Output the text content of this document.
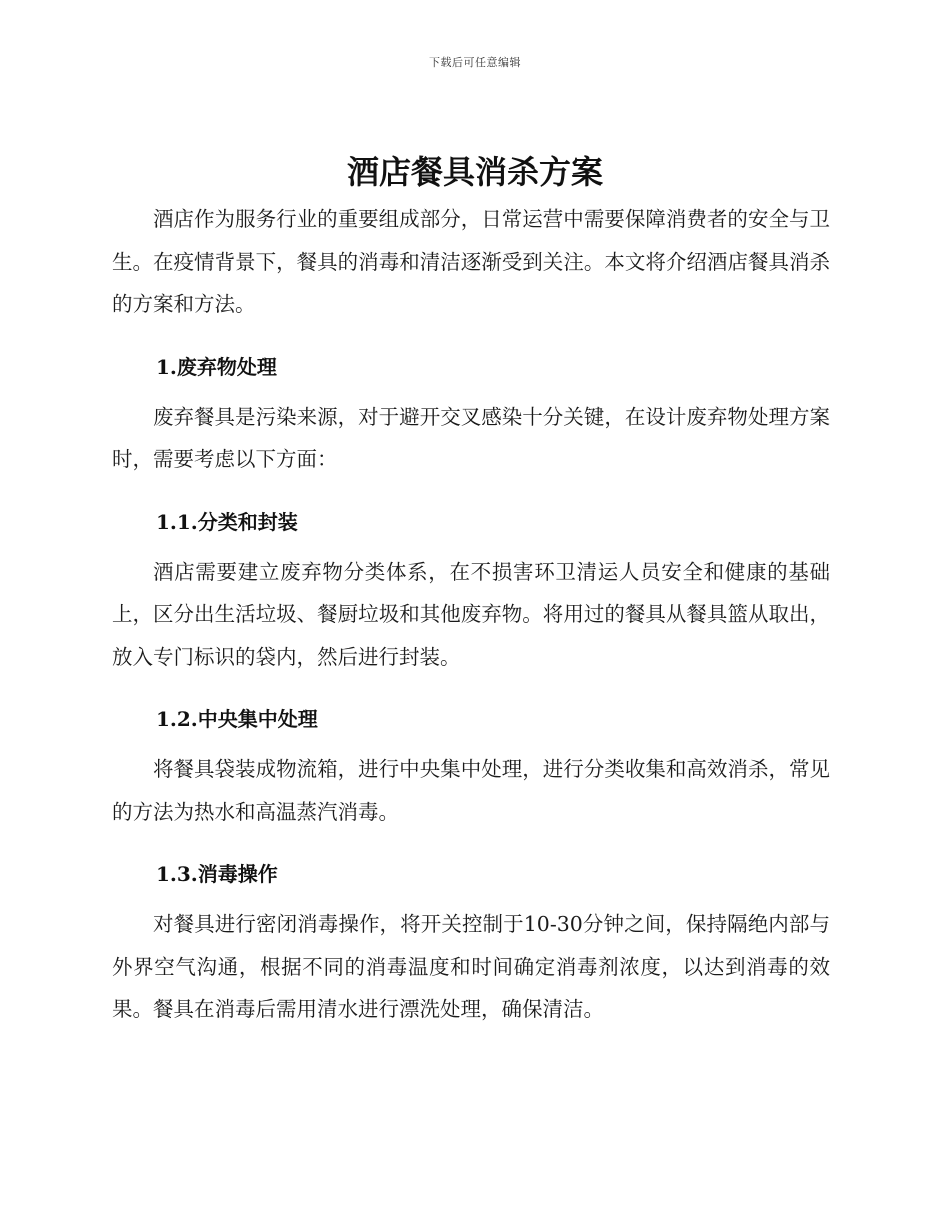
下载后可任意编辑
酒店餐具消杀方案

酒店作为服务行业的重要组成部分，日常运营中需要保障消费者的安全与卫生。在疫情背景下，餐具的消毒和清洁逐渐受到关注。本文将介绍酒店餐具消杀的方案和方法。

1.废弃物处理

废弃餐具是污染来源，对于避开交叉感染十分关键，在设计废弃物处理方案时，需要考虑以下方面：

1.1.分类和封装

酒店需要建立废弃物分类体系，在不损害环卫清运人员安全和健康的基础上，区分出生活垃圾、餐厨垃圾和其他废弃物。将用过的餐具从餐具篮从取出，放入专门标识的袋内，然后进行封装。

1.2.中央集中处理

将餐具袋装成物流箱，进行中央集中处理，进行分类收集和高效消杀，常见的方法为热水和高温蒸汽消毒。

1.3.消毒操作

对餐具进行密闭消毒操作，将开关控制于10-30分钟之间，保持隔绝内部与外界空气沟通，根据不同的消毒温度和时间确定消毒剂浓度，以达到消毒的效果。餐具在消毒后需用清水进行漂洗处理，确保清洁。
